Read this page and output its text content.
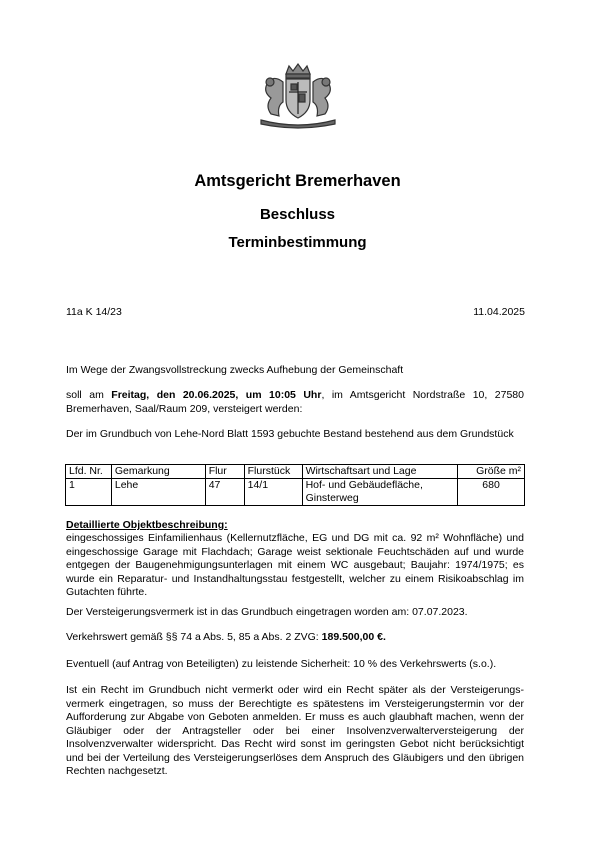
Amtsgericht Bremerhaven
Beschluss
Terminbestimmung
11a K 14/23	11.04.2025
Im Wege der Zwangsvollstreckung zwecks Aufhebung der Gemeinschaft
soll am Freitag, den 20.06.2025, um 10:05 Uhr, im Amtsgericht Nordstraße 10, 27580 Bremerhaven, Saal/Raum 209, versteigert werden:
Der im Grundbuch von Lehe-Nord Blatt 1593 gebuchte Bestand bestehend aus dem Grundstück
Lfd. Nr.	Gemarkung	Flur	Flurstück	Wirtschaftsart und Lage	Größe m²
1	Lehe	47	14/1	Hof- und Gebäudefläche, Ginsterweg	680
Detaillierte Objektbeschreibung:
eingeschossiges Einfamilienhaus (Kellernutzfläche, EG und DG mit ca. 92 m² Wohnfläche) und eingeschossige Garage mit Flachdach; Garage weist sektionale Feuchtschäden auf und wurde entgegen der Baugenehmigungsunterlagen mit einem WC ausgebaut; Baujahr: 1974/1975; es wurde ein Reparatur- und Instandhaltungsstau festgestellt, welcher zu einem Risikoabschlag im Gutachten führte.
Der Versteigerungsvermerk ist in das Grundbuch eingetragen worden am: 07.07.2023.
Verkehrswert gemäß §§ 74 a Abs. 5, 85 a Abs. 2 ZVG: 189.500,00 €.
Eventuell (auf Antrag von Beteiligten) zu leistende Sicherheit: 10 % des Verkehrswerts (s.o.).
Ist ein Recht im Grundbuch nicht vermerkt oder wird ein Recht später als der Versteigerungs-vermerk eingetragen, so muss der Berechtigte es spätestens im Versteigerungstermin vor der Aufforderung zur Abgabe von Geboten anmelden. Er muss es auch glaubhaft machen, wenn der Gläubiger oder der Antragsteller oder bei einer Insolvenzverwalterversteigerung der Insolvenzverwalter widerspricht. Das Recht wird sonst im geringsten Gebot nicht berücksichtigt und bei der Verteilung des Versteigerungserlöses dem Anspruch des Gläubigers und den übrigen Rechten nachgesetzt.
